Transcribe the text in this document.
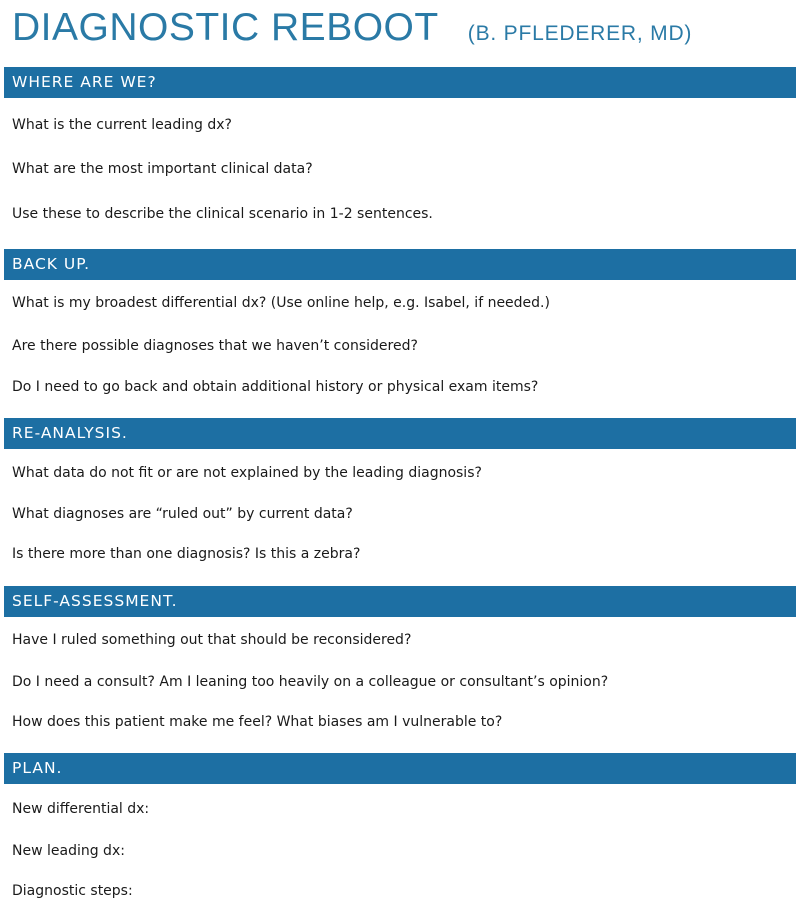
DIAGNOSTIC REBOOT (B. PFLEDERER, MD)
WHERE ARE WE?
What is the current leading dx?
What are the most important clinical data?
Use these to describe the clinical scenario in 1-2 sentences.
BACK UP.
What is my broadest differential dx? (Use online help, e.g. Isabel, if needed.)
Are there possible diagnoses that we haven’t considered?
Do I need to go back and obtain additional history or physical exam items?
RE-ANALYSIS.
What data do not fit or are not explained by the leading diagnosis?
What diagnoses are “ruled out” by current data?
Is there more than one diagnosis? Is this a zebra?
SELF-ASSESSMENT.
Have I ruled something out that should be reconsidered?
Do I need a consult? Am I leaning too heavily on a colleague or consultant’s opinion?
How does this patient make me feel? What biases am I vulnerable to?
PLAN.
New differential dx:
New leading dx:
Diagnostic steps:
